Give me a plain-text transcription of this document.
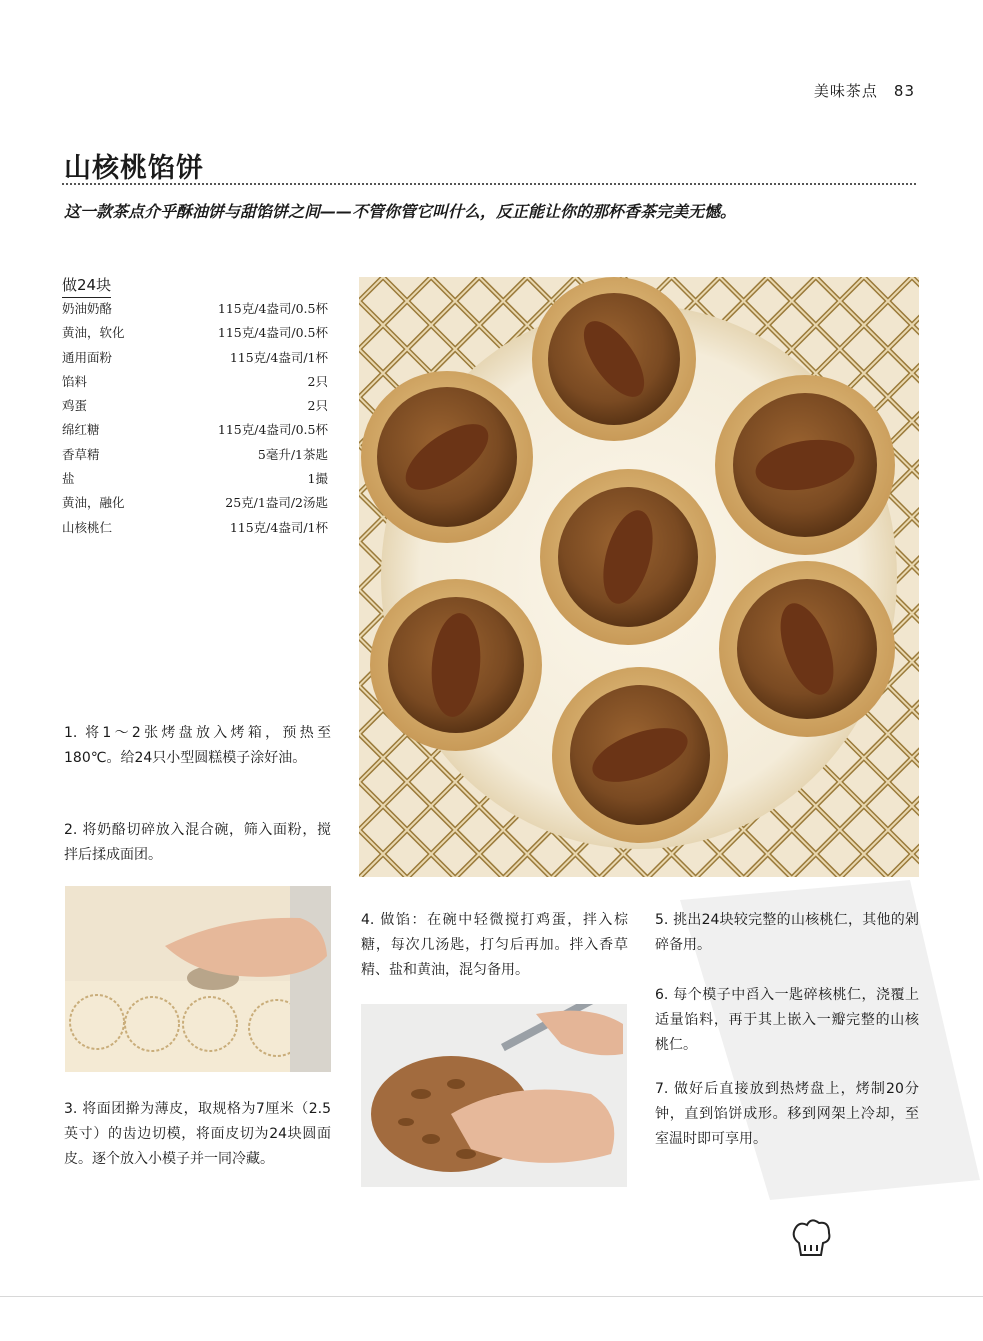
美味茶点 83
山核桃馅饼
这一款茶点介乎酥油饼与甜馅饼之间——不管你管它叫什么，反正能让你的那杯香茶完美无憾。
做24块
奶油奶酪	115克/4盎司/0.5杯
黄油，软化	115克/4盎司/0.5杯
通用面粉	115克/4盎司/1杯
馅料	2只
鸡蛋	2只
绵红糖	115克/4盎司/0.5杯
香草精	5毫升/1茶匙
盐	1撮
黄油，融化	25克/1盎司/2汤匙
山核桃仁	115克/4盎司/1杯
1. 将1～2张烤盘放入烤箱，预热至180℃。给24只小型圆糕模子涂好油。
2. 将奶酪切碎放入混合碗，筛入面粉，搅拌后揉成面团。
3. 将面团擀为薄皮，取规格为7厘米（2.5英寸）的齿边切模，将面皮切为24块圆面皮。逐个放入小模子并一同冷藏。
4. 做馅：在碗中轻微搅打鸡蛋，拌入棕糖，每次几汤匙，打匀后再加。拌入香草精、盐和黄油，混匀备用。
5. 挑出24块较完整的山核桃仁，其他的剁碎备用。
6. 每个模子中舀入一匙碎核桃仁，浇覆上适量馅料，再于其上嵌入一瓣完整的山核桃仁。
7. 做好后直接放到热烤盘上，烤制20分钟，直到馅饼成形。移到网架上冷却，至室温时即可享用。
